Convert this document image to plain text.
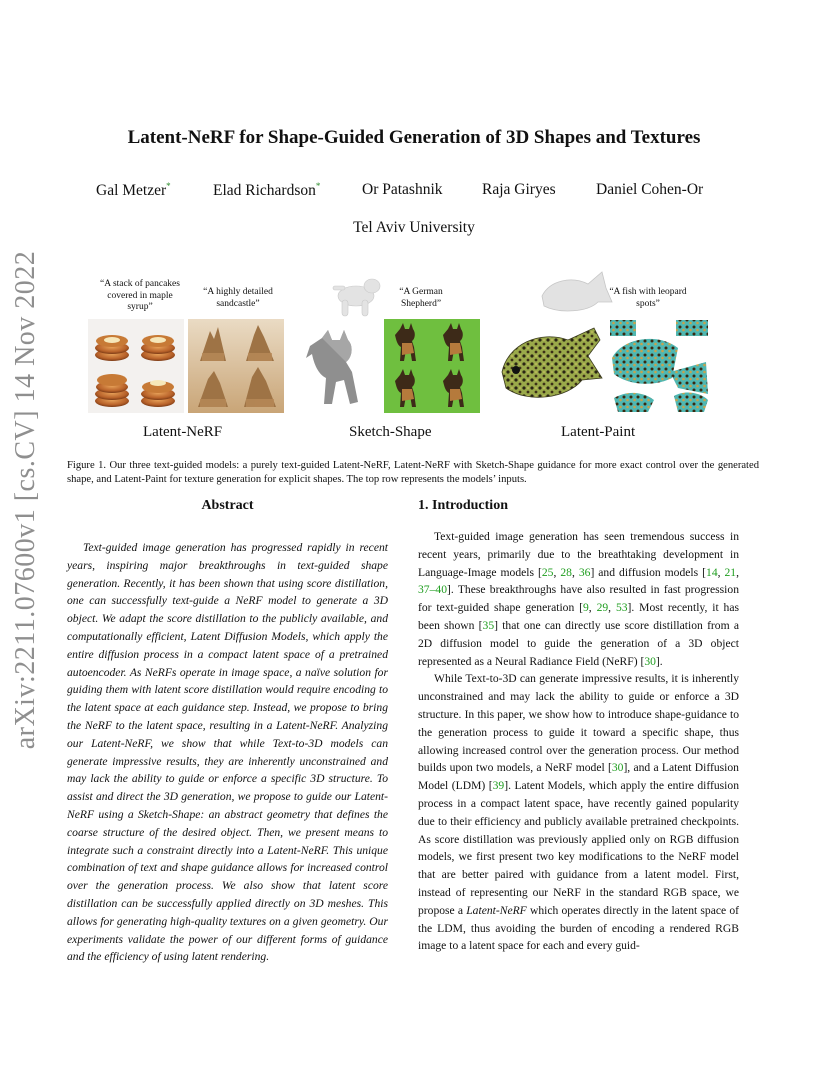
arXiv:2211.07600v1 [cs.CV] 14 Nov 2022
Latent-NeRF for Shape-Guided Generation of 3D Shapes and Textures
Gal Metzer*	Elad Richardson*	Or Patashnik	Raja Giryes	Daniel Cohen-Or
Tel Aviv University
“A stack of pancakes covered in maple syrup”
“A highly detailed sandcastle”
“A German Shepherd”
“A fish with leopard spots”
Latent-NeRF	Sketch-Shape	Latent-Paint
Figure 1. Our three text-guided models: a purely text-guided Latent-NeRF, Latent-NeRF with Sketch-Shape guidance for more exact control over the generated shape, and Latent-Paint for texture generation for explicit shapes. The top row represents the models’ inputs.
Abstract

Text-guided image generation has progressed rapidly in recent years, inspiring major breakthroughs in text-guided shape generation. Recently, it has been shown that using score distillation, one can successfully text-guide a NeRF model to generate a 3D object. We adapt the score distillation to the publicly available, and computationally efficient, Latent Diffusion Models, which apply the entire diffusion process in a compact latent space of a pretrained autoencoder. As NeRFs operate in image space, a naïve solution for guiding them with latent score distillation would require encoding to the latent space at each guidance step. Instead, we propose to bring the NeRF to the latent space, resulting in a Latent-NeRF. Analyzing our Latent-NeRF, we show that while Text-to-3D models can generate impressive results, they are inherently unconstrained and may lack the ability to guide or enforce a specific 3D structure. To assist and direct the 3D generation, we propose to guide our Latent-NeRF using a Sketch-Shape: an abstract geometry that defines the coarse structure of the desired object. Then, we present means to integrate such a constraint directly into a Latent-NeRF. This unique combination of text and shape guidance allows for increased control over the generation process. We also show that latent score distillation can be successfully applied directly on 3D meshes. This allows for generating high-quality textures on a given geometry. Our experiments validate the power of our different forms of guidance and the efficiency of using latent rendering.

1. Introduction

Text-guided image generation has seen tremendous success in recent years, primarily due to the breathtaking development in Language-Image models [25, 28, 36] and diffusion models [14, 21, 37–40]. These breakthroughs have also resulted in fast progression for text-guided shape generation [9, 29, 53]. Most recently, it has been shown [35] that one can directly use score distillation from a 2D diffusion model to guide the generation of a 3D object represented as a Neural Radiance Field (NeRF) [30].

While Text-to-3D can generate impressive results, it is inherently unconstrained and may lack the ability to guide or enforce a 3D structure. In this paper, we show how to introduce shape-guidance to the generation process to guide it toward a specific shape, thus allowing increased control over the generation process. Our method builds upon two models, a NeRF model [30], and a Latent Diffusion Model (LDM) [39]. Latent Models, which apply the entire diffusion process in a compact latent space, have recently gained popularity due to their efficiency and publicly available pretrained checkpoints. As score distillation was previously applied only on RGB diffusion models, we first present two key modifications to the NeRF model that are better paired with guidance from a latent model. First, instead of representing our NeRF in the standard RGB space, we propose a Latent-NeRF which operates directly in the latent space of the LDM, thus avoiding the burden of encoding a rendered RGB image to a latent space for each and every guid-
